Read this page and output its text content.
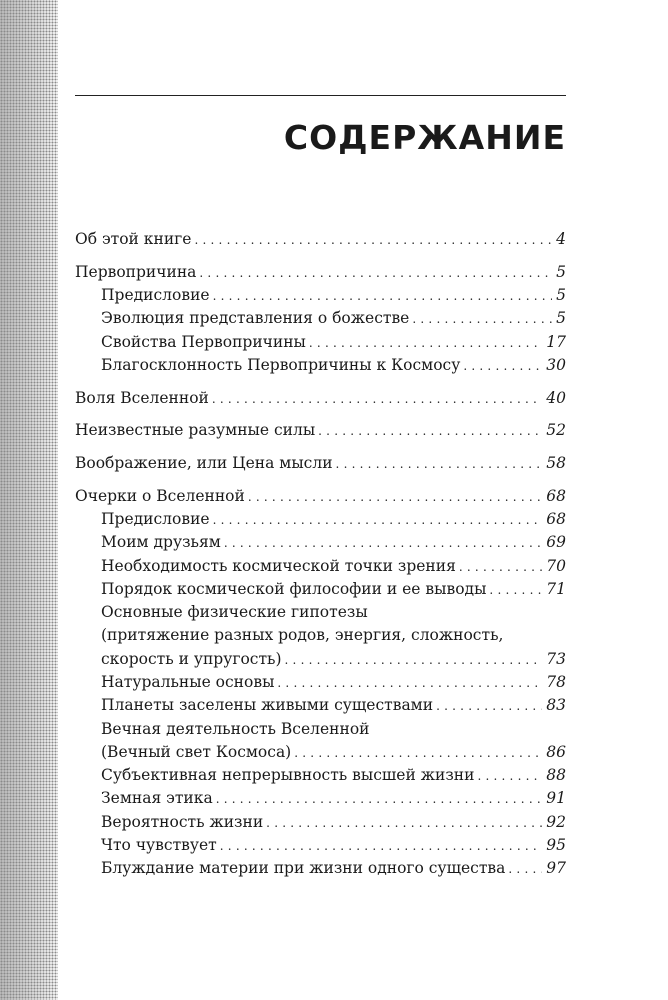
СОДЕРЖАНИЕ
Об этой книге . . .	4
Первопричина . . .	5
Предисловие . . .	5
Эволюция представления о божестве . . .	5
Свойства Первопричины . . .	17
Благосклонность Первопричины к Космосу . . .	30
Воля Вселенной . . .	40
Неизвестные разумные силы . . .	52
Воображение, или Цена мысли . . .	58
Очерки о Вселенной . . .	68
Предисловие . . .	68
Моим друзьям . . .	69
Необходимость космической точки зрения . . .	70
Порядок космической философии и ее выводы . . .	71
Основные физические гипотезы
(притяжение разных родов, энергия, сложность,
скорость и упругость) . . .	73
Натуральные основы . . .	78
Планеты заселены живыми существами . . .	83
Вечная деятельность Вселенной
(Вечный свет Космоса) . . .	86
Субъективная непрерывность высшей жизни . . .	88
Земная этика . . .	91
Вероятность жизни . . .	92
Что чувствует . . .	95
Блуждание материи при жизни одного существа . . .	97
